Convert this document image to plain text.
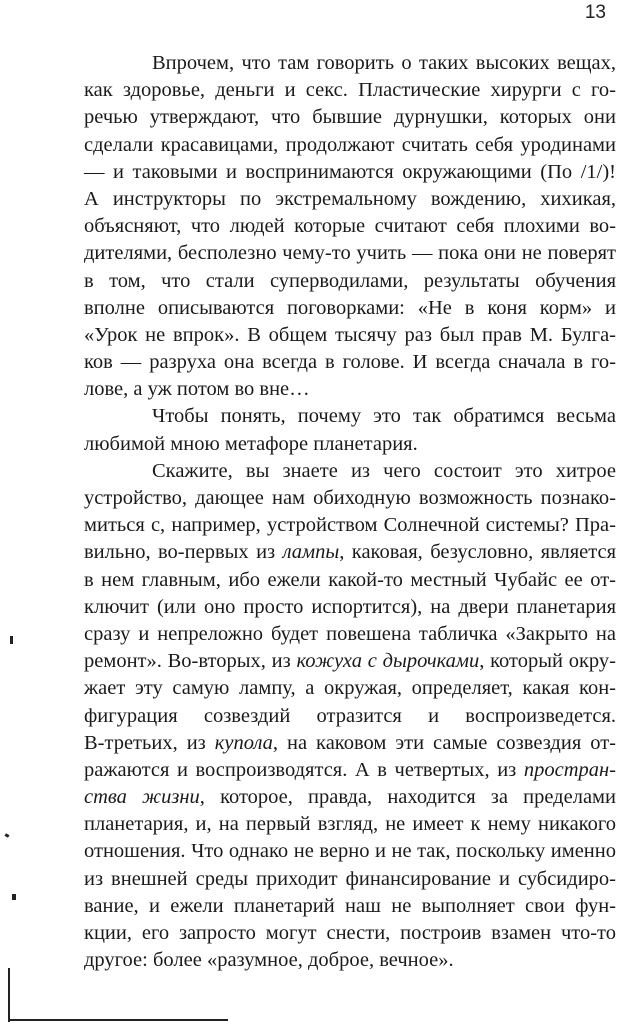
13
Впрочем, что там говорить о таких высоких вещах,
как здоровье, деньги и секс. Пластические хирурги с го-
речью утверждают, что бывшие дурнушки, которых они
сделали красавицами, продолжают считать себя уродинами
— и таковыми и воспринимаются окружающими (По /1/)!
А инструкторы по экстремальному вождению, хихикая,
объясняют, что людей которые считают себя плохими во-
дителями, бесполезно чему-то учить — пока они не поверят
в том, что стали суперводилами, результаты обучения
вполне описываются поговорками: «Не в коня корм» и
«Урок не впрок». В общем тысячу раз был прав М. Булга-
ков — разруха она всегда в голове. И всегда сначала в го-
лове, а уж потом во вне…
Чтобы понять, почему это так обратимся весьма
любимой мною метафоре планетария.
Скажите, вы знаете из чего состоит это хитрое
устройство, дающее нам обиходную возможность познако-
миться с, например, устройством Солнечной системы? Пра-
вильно, во-первых из лампы, каковая, безусловно, является
в нем главным, ибо ежели какой-то местный Чубайс ее от-
ключит (или оно просто испортится), на двери планетария
сразу и непреложно будет повешена табличка «Закрыто на
ремонт». Во-вторых, из кожуха с дырочками, который окру-
жает эту самую лампу, а окружая, определяет, какая кон-
фигурация созвездий отразится и воспроизведется.
В-третьих, из купола, на каковом эти самые созвездия от-
ражаются и воспроизводятся. А в четвертых, из простран-
ства жизни, которое, правда, находится за пределами
планетария, и, на первый взгляд, не имеет к нему никакого
отношения. Что однако не верно и не так, поскольку именно
из внешней среды приходит финансирование и субсидиро-
вание, и ежели планетарий наш не выполняет свои фун-
кции, его запросто могут снести, построив взамен что-то
другое: более «разумное, доброе, вечное».
